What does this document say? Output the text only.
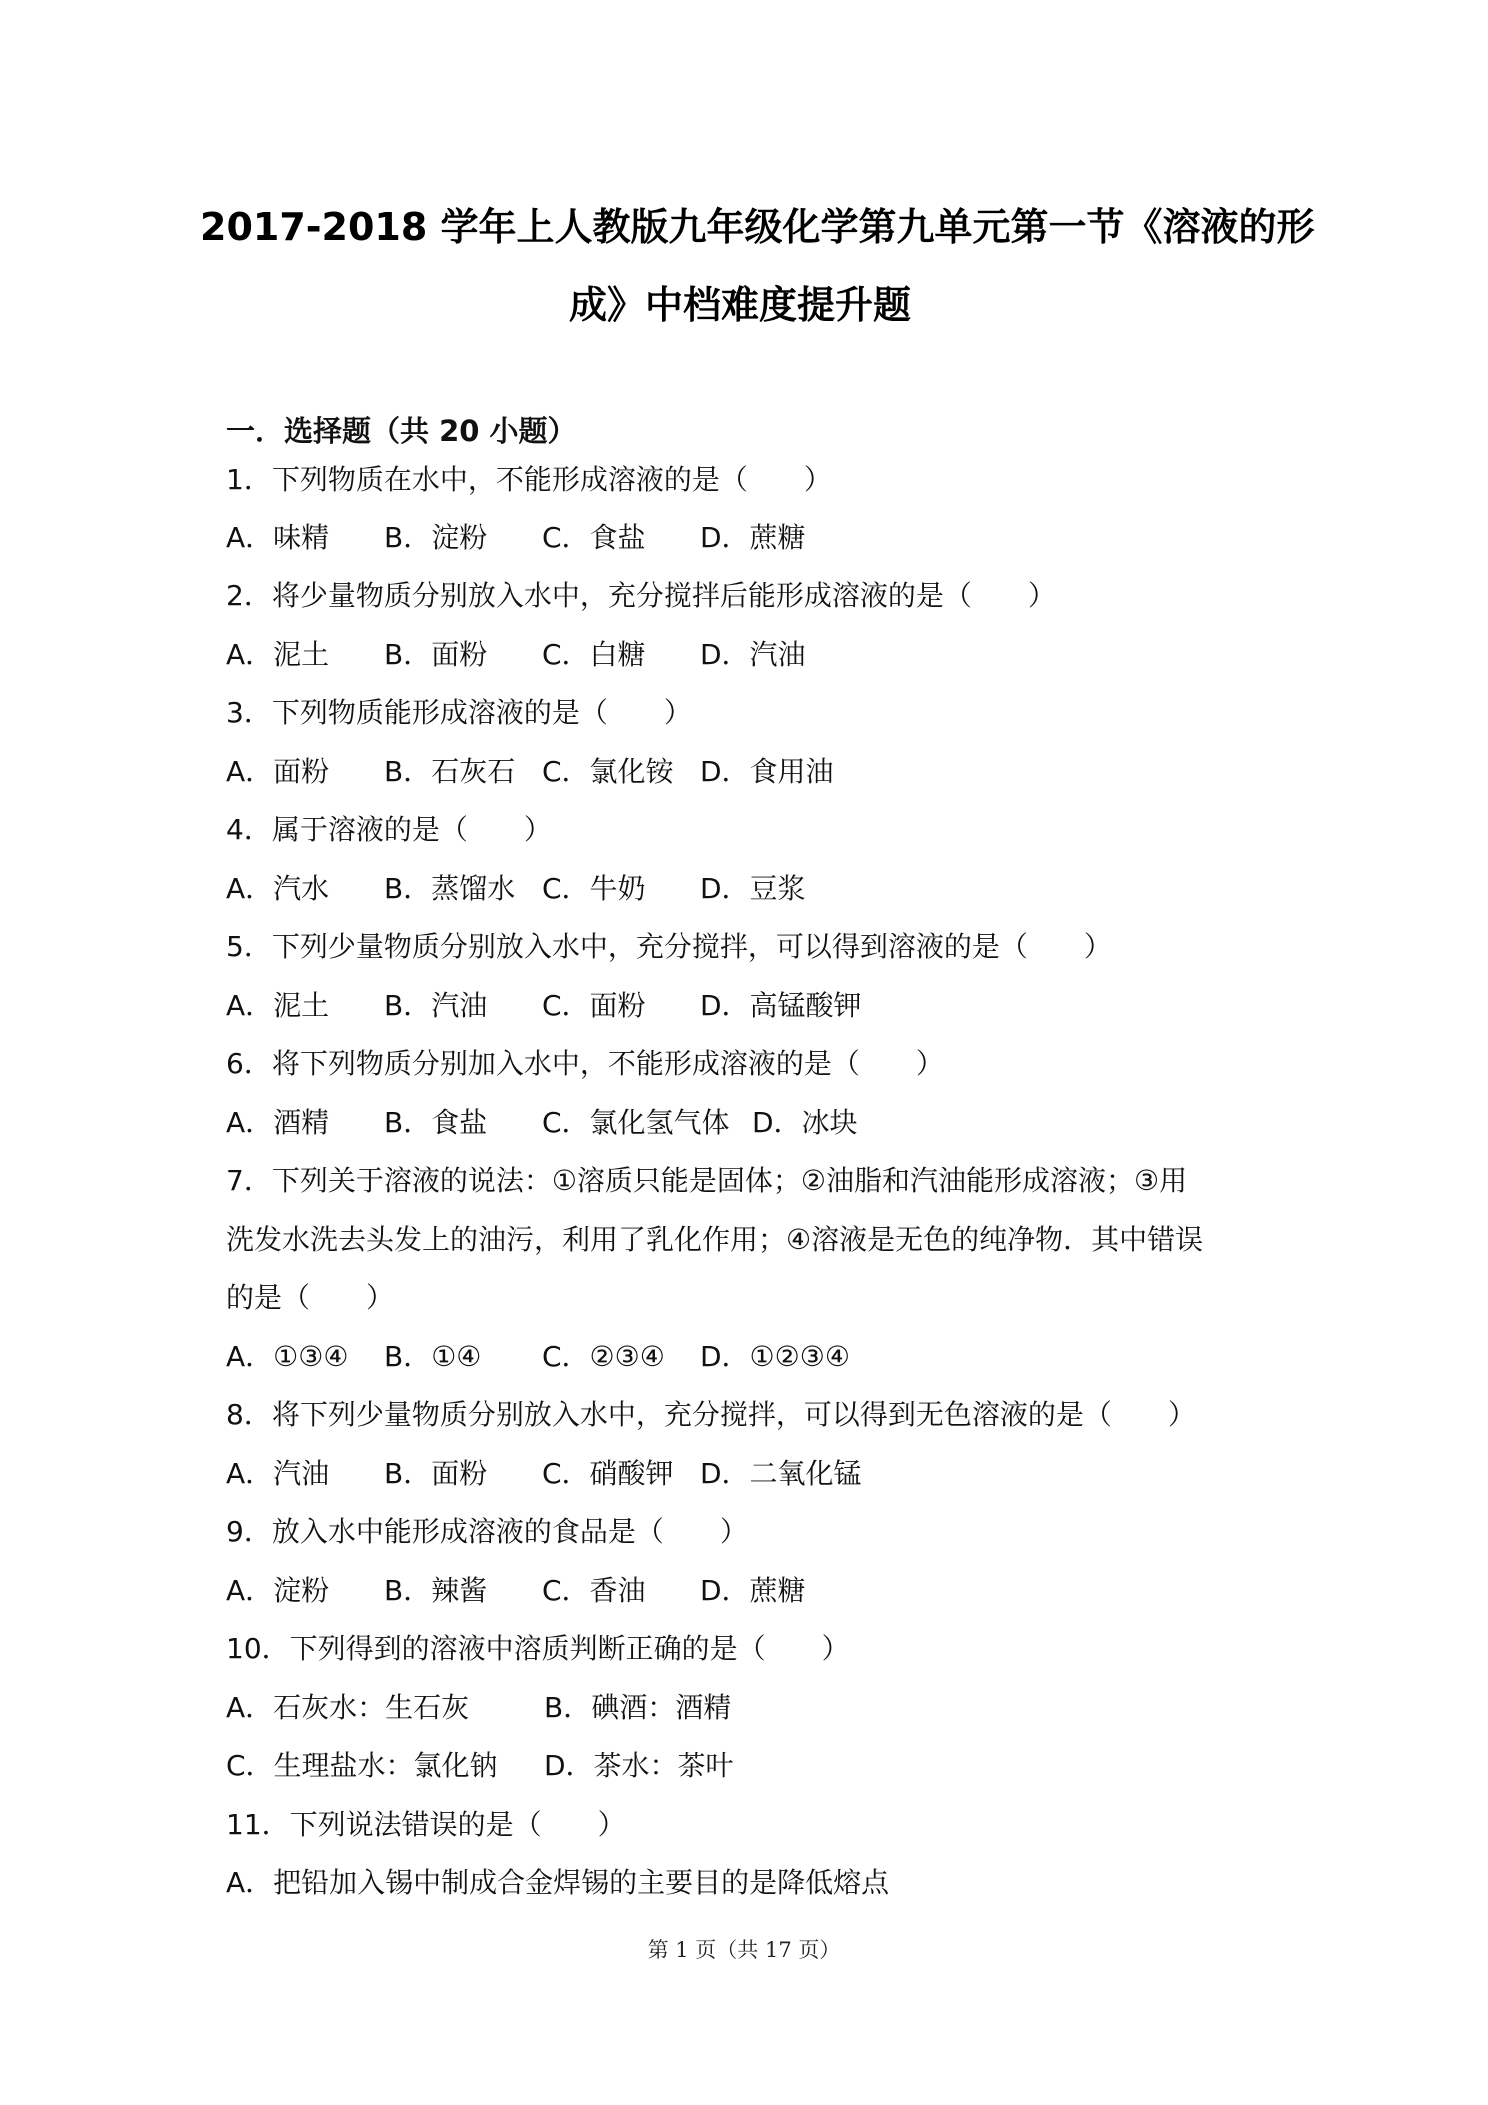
2017-2018 学年上人教版九年级化学第九单元第一节《溶液的形
成》中档难度提升题
一．选择题（共 20 小题）
1．下列物质在水中，不能形成溶液的是（　　）
A．味精 B．淀粉 C．食盐 D．蔗糖
2．将少量物质分别放入水中，充分搅拌后能形成溶液的是（　　）
A．泥土 B．面粉 C．白糖 D．汽油
3．下列物质能形成溶液的是（　　）
A．面粉 B．石灰石 C．氯化铵 D．食用油
4．属于溶液的是（　　）
A．汽水 B．蒸馏水 C．牛奶 D．豆浆
5．下列少量物质分别放入水中，充分搅拌，可以得到溶液的是（　　）
A．泥土 B．汽油 C．面粉 D．高锰酸钾
6．将下列物质分别加入水中，不能形成溶液的是（　　）
A．酒精 B．食盐 C．氯化氢气体 D．冰块
7．下列关于溶液的说法：①溶质只能是固体；②油脂和汽油能形成溶液；③用
洗发水洗去头发上的油污，利用了乳化作用；④溶液是无色的纯净物．其中错误
的是（　　）
A．①③④ B．①④ C．②③④ D．①②③④
8．将下列少量物质分别放入水中，充分搅拌，可以得到无色溶液的是（　　）
A．汽油 B．面粉 C．硝酸钾 D．二氧化锰
9．放入水中能形成溶液的食品是（　　）
A．淀粉 B．辣酱 C．香油 D．蔗糖
10．下列得到的溶液中溶质判断正确的是（　　）
A．石灰水：生石灰	B．碘酒：酒精
C．生理盐水：氯化钠 D．茶水：茶叶
11．下列说法错误的是（　　）
A．把铅加入锡中制成合金焊锡的主要目的是降低熔点
第 1 页（共 17 页）
